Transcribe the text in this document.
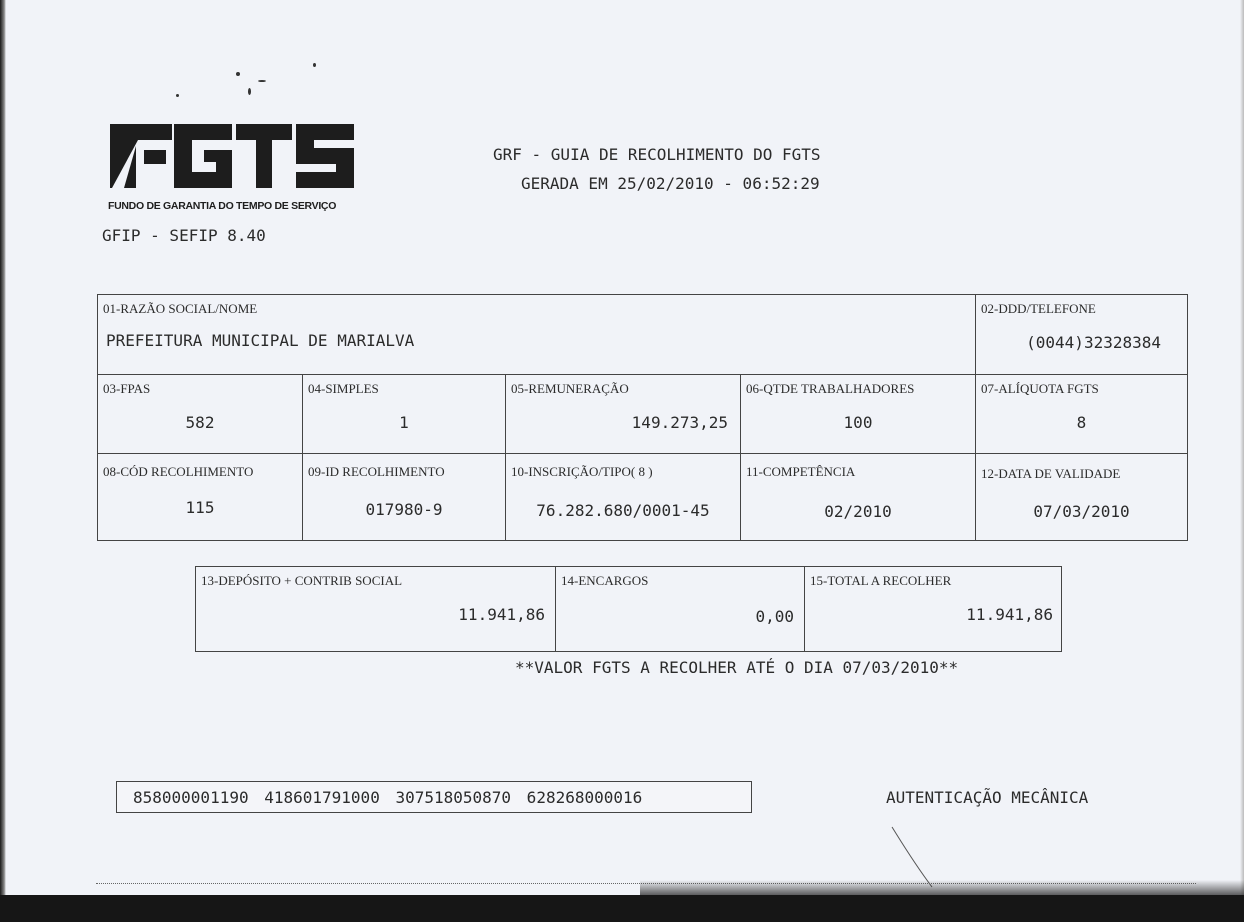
FUNDO DE GARANTIA DO TEMPO DE SERVIÇO
GRF - GUIA DE RECOLHIMENTO DO FGTS
GERADA EM 25/02/2010 - 06:52:29
GFIP - SEFIP 8.40
01-RAZÃO SOCIAL/NOME
PREFEITURA MUNICIPAL DE MARIALVA
02-DDD/TELEFONE
(0044)32328384
03-FPAS
582
04-SIMPLES
1
05-REMUNERAÇÃO
149.273,25
06-QTDE TRABALHADORES
100
07-ALÍQUOTA FGTS
8
08-CÓD RECOLHIMENTO
115
09-ID RECOLHIMENTO
017980-9
10-INSCRIÇÃO/TIPO( 8 )
76.282.680/0001-45
11-COMPETÊNCIA
02/2010
12-DATA DE VALIDADE
07/03/2010
13-DEPÓSITO + CONTRIB SOCIAL
11.941,86
14-ENCARGOS
0,00
15-TOTAL A RECOLHER
11.941,86
**VALOR FGTS A RECOLHER ATÉ O DIA 07/03/2010**
858000001190 418601791000 307518050870 628268000016	AUTENTICAÇÃO MECÂNICA
